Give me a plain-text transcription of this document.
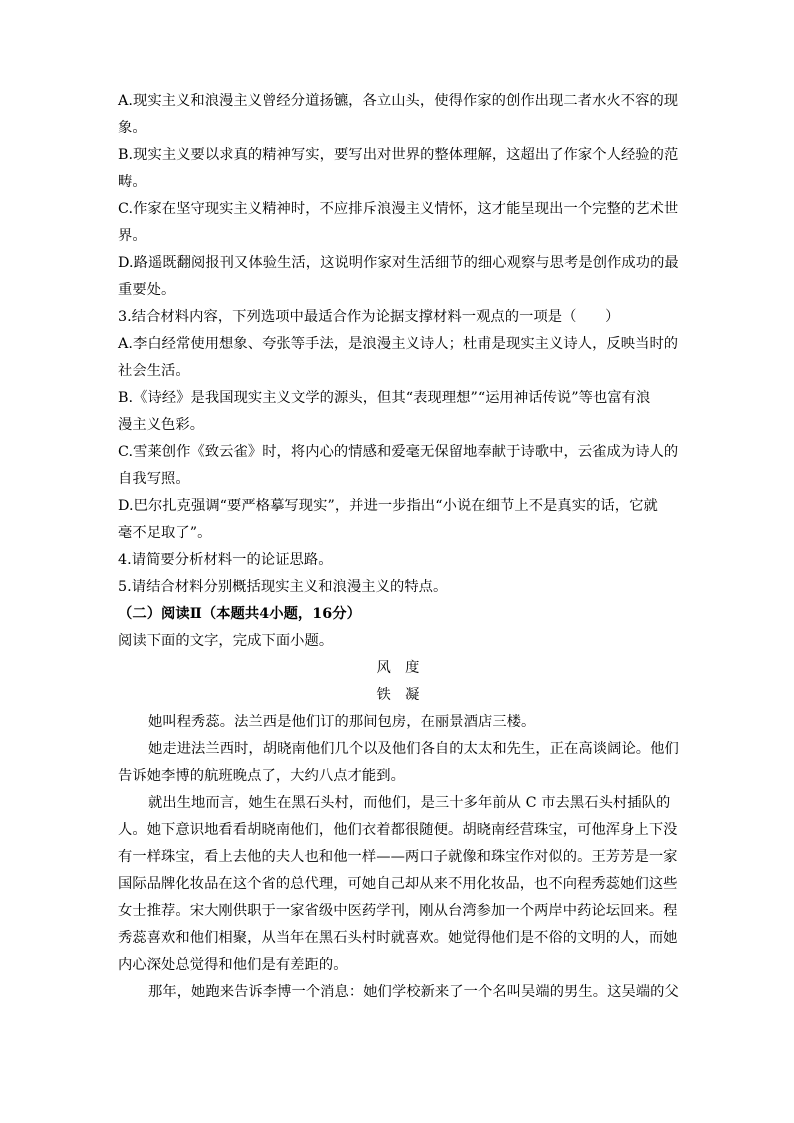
A.现实主义和浪漫主义曾经分道扬镳，各立山头，使得作家的创作出现二者水火不容的现
象。
B.现实主义要以求真的精神写实，要写出对世界的整体理解，这超出了作家个人经验的范
畴。
C.作家在坚守现实主义精神时，不应排斥浪漫主义情怀，这才能呈现出一个完整的艺术世
界。
D.路遥既翻阅报刊又体验生活，这说明作家对生活细节的细心观察与思考是创作成功的最
重要处。
3.结合材料内容，下列选项中最适合作为论据支撑材料一观点的一项是（　　）
A.李白经常使用想象、夸张等手法，是浪漫主义诗人；杜甫是现实主义诗人，反映当时的
社会生活。
B.《诗经》是我国现实主义文学的源头，但其“表现理想”“运用神话传说”等也富有浪
漫主义色彩。
C.雪莱创作《致云雀》时，将内心的情感和爱毫无保留地奉献于诗歌中，云雀成为诗人的
自我写照。
D.巴尔扎克强调“要严格摹写现实”，并进一步指出“小说在细节上不是真实的话，它就
毫不足取了”。
4.请简要分析材料一的论证思路。
5.请结合材料分别概括现实主义和浪漫主义的特点。
（二）阅读Ⅱ（本题共4小题，16分）
阅读下面的文字，完成下面小题。
风　度
铁　凝
她叫程秀蕊。法兰西是他们订的那间包房，在丽景酒店三楼。
她走进法兰西时，胡晓南他们几个以及他们各自的太太和先生，正在高谈阔论。他们
告诉她李博的航班晚点了，大约八点才能到。
就出生地而言，她生在黑石头村，而他们，是三十多年前从 C 市去黑石头村插队的
人。她下意识地看看胡晓南他们，他们衣着都很随便。胡晓南经营珠宝，可他浑身上下没
有一样珠宝，看上去他的夫人也和他一样——两口子就像和珠宝作对似的。王芳芳是一家
国际品牌化妆品在这个省的总代理，可她自己却从来不用化妆品，也不向程秀蕊她们这些
女士推荐。宋大刚供职于一家省级中医药学刊，刚从台湾参加一个两岸中药论坛回来。程
秀蕊喜欢和他们相聚，从当年在黑石头村时就喜欢。她觉得他们是不俗的文明的人，而她
内心深处总觉得和他们是有差距的。
那年，她跑来告诉李博一个消息：她们学校新来了一个名叫吴端的男生。这吴端的父
